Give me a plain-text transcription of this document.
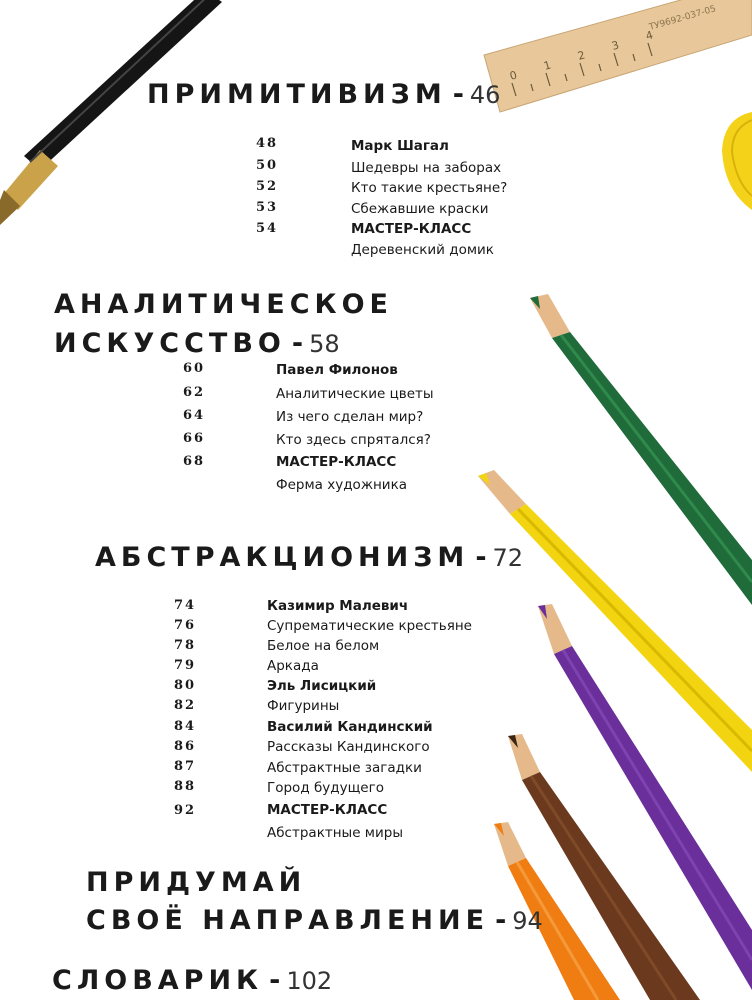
0
1
2
3
4
ТУ9692-037-05
ПРИМИТИВИЗМ - 46
48	Марк Шагал
50	Шедевры на заборах
52	Кто такие крестьяне?
53	Сбежавшие краски
54	МАСТЕР-КЛАСС
Деревенский домик
АНАЛИТИЧЕСКОЕ
ИСКУССТВО - 58
60	Павел Филонов
62	Аналитические цветы
64	Из чего сделан мир?
66	Кто здесь спрятался?
68	МАСТЕР-КЛАСС
Ферма художника
АБСТРАКЦИОНИЗМ - 72
74	Казимир Малевич
76	Супрематические крестьяне
78	Белое на белом
79	Аркада
80	Эль Лисицкий
82	Фигурины
84	Василий Кандинский
86	Рассказы Кандинского
87	Абстрактные загадки
88	Город будущего
92	МАСТЕР-КЛАСС
Абстрактные миры
ПРИДУМАЙ
СВОЁ НАПРАВЛЕНИЕ - 94
СЛОВАРИК - 102
